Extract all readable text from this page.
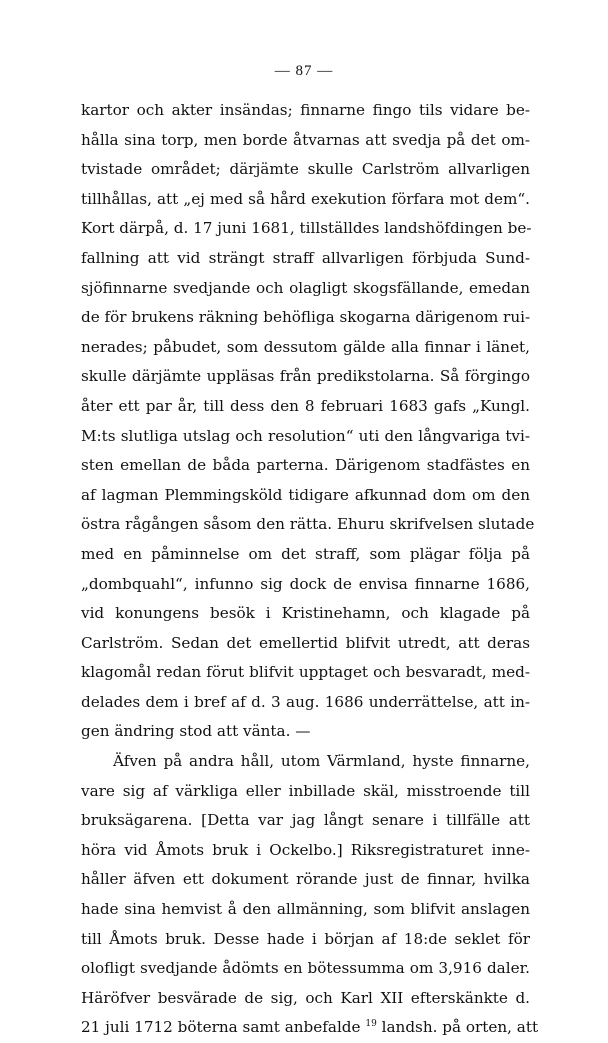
— 87 —
kartor och akter insändas; finnarne fingo tils vidare be-
hålla sina torp, men borde åtvarnas att svedja på det om-
tvistade området; därjämte skulle Carlström allvarligen
tillhållas, att „ej med så hård exekution förfara mot dem“.
Kort därpå, d. 17 juni 1681, tillställdes landshöfdingen be-
fallning att vid strängt straff allvarligen förbjuda Sund-
sjöfinnarne svedjande och olagligt skogsfällande, emedan
de för brukens räkning behöfliga skogarna därigenom rui-
nerades; påbudet, som dessutom gälde alla finnar i länet,
skulle därjämte uppläsas från predikstolarna. Så förgingo
åter ett par år, till dess den 8 februari 1683 gafs „Kungl.
M:ts slutliga utslag och resolution“ uti den långvariga tvi-
sten emellan de båda parterna. Därigenom stadfästes en
af lagman Plemmingsköld tidigare afkunnad dom om den
östra rågången såsom den rätta. Ehuru skrifvelsen slutade
med en påminnelse om det straff, som plägar följa på
„dombquahl“, infunno sig dock de envisa finnarne 1686,
vid konungens besök i Kristinehamn, och klagade på
Carlström. Sedan det emellertid blifvit utredt, att deras
klagomål redan förut blifvit upptaget och besvaradt, med-
delades dem i bref af d. 3 aug. 1686 underrättelse, att in-
gen ändring stod att vänta. —
Äfven på andra håll, utom Värmland, hyste finnarne,
vare sig af värkliga eller inbillade skäl, misstroende till
bruksägarena. [Detta var jag långt senare i tillfälle att
höra vid Åmots bruk i Ockelbo.] Riksregistraturet inne-
håller äfven ett dokument rörande just de finnar, hvilka
hade sina hemvist å den allmänning, som blifvit anslagen
till Åmots bruk. Desse hade i början af 18:de seklet för
olofligt svedjande ådömts en bötessumma om 3,916 daler.
Häröfver besvärade de sig, och Karl XII efterskänkte d.
21 juli 1712 böterna samt anbefalde $^{19}$ landsh. på orten, att
